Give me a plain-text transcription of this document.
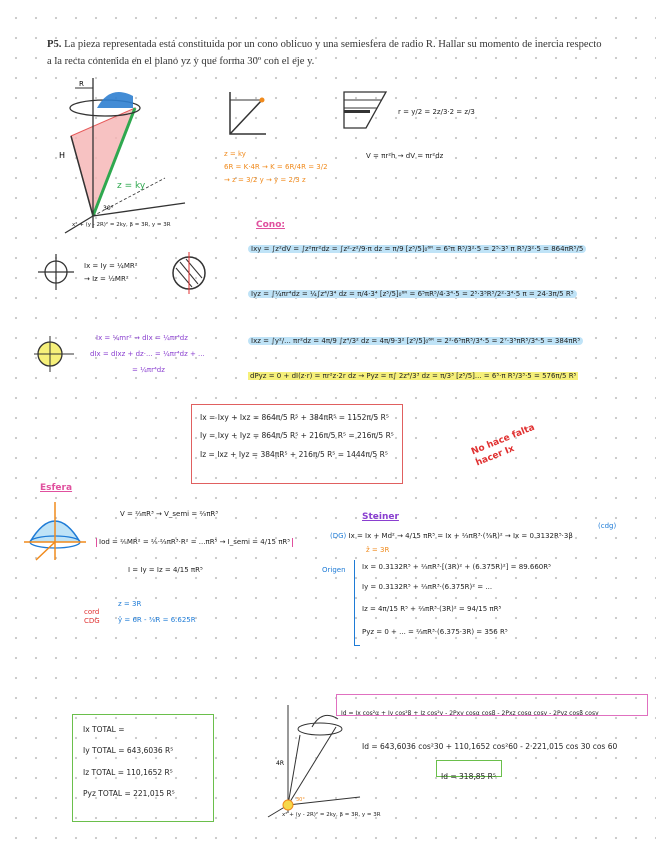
P5. La pieza representada está constituida por un cono oblicuo y una semiesfera de radio R. Hallar su momento de inercia respecto a la recta contenida en el plano yz y que forma 30º con el eje y.
H
R
z = ky
30°
x² + (y - 2R)² = 2ky, β = 3R, y = 3R
z = ky
6R = K·4R → K = 6R/4R = 3/2
→ z = 3/2 y → y = 2/3 z
r = y/2 = 2z/3·2 = z/3
V = πr²h → dV = πr²dz
Cono:
Ixy = ∫z²dV = ∫z²πr²dz = ∫z²·z²/9·π dz = π/9 [z⁵/5]₀⁶ᴿ = 6⁵π R⁵/3²·5 = 2⁵·3⁵ π R⁵/3²·5 = 864πR⁵/5
Iyz = ∫¼πr⁴dz = ¼∫z⁴/3⁴ dz = π/4·3⁴ [z⁵/5]₀⁶ᴿ = 6⁵πR⁵/4·3⁴·5 = 2⁵·3⁵R⁵/2²·3⁴·5 π = 24·3π/5 R⁵
Ixz = ∫y²/... πr²dz = 4π/9 ∫z⁴/3² dz = 4π/9·3² [z⁵/5]₀⁶ᴿ = 2²·6⁵πR⁵/3⁴·5 = 2⁷·3⁵πR⁵/3⁴·5 = 384πR⁵
dPyz = 0 + dI(z·r) = πr²z·2r dz → Pyz = π∫ 2z⁴/3³ dz = π/3³ [z⁵/5]... = 6⁵·π R⁵/3³·5 = 576π/5 R⁵
Ix = Iy = ¼MR²
→ Iz = ½MR²
Ix = ¼mr² → dIx = ¼πr⁴dz
dIx = dIxz + dz·... = ¼πr⁴dz + ...
= ¼πr⁴dz
Ix = Ixy + Ixz = 864π/5 R⁵ + 384πR⁵ = 1152π/5 R⁵
Iy = Ixy + Iyz = 864π/5 R⁵ + 216π/5 R⁵ = 216π/5 R⁵
Iz = Ixz + Iyz = 384πR⁵ + 216π/5 R⁵ = 1444π/5 R⁵	No hace falta hacer Ix
Esfera
V = ⅔πR³ → V_semi = ⅔πR³
Iod = ⅖MR² = ⅖·⅔πR³·R² = ...πR⁵ → I_semi = 4/15 πR⁵
I = Iy = Iz = 4/15 πR⁵
cord CDG
z = 3R
ŷ = 6R - ⅜R = 6.625R
Steiner
(cdg)
(DG) Ix = Īx + Md² → 4/15 πR⁵ = Īx + ⅔πR³·(⅜R)² → Īx = 0.3132R⁵·3β
ẑ = 3R
Origen Ix = 0.3132R⁵ + ⅔πR³·[(3R)² + (6.375R)²] = 89.660R⁵
Iy = 0.3132R⁵ + ⅔πR³·(6.375R)² = ...
Iz = 4π/15 R⁵ + ⅔πR³·(3R)² = 94/15 πR⁵
Pyz = 0 + ... = ⅔πR³·(6.375·3R) = 356 R⁵
Ix TOTAL =
Iy TOTAL = 643,6036 R⁵
Iz TOTAL = 110,1652 R⁵
Pyz TOTAL = 221,015 R⁵
4R
30°
x² + (y - 2R)² = 2ky, β = 3R, y = 3R
Id = Ix cos²α + Iy cos²β + Iz cos²γ - 2Pxy cosα cosβ - 2Pxz cosα cosγ - 2Pyz cosβ cosγ
Id = 643,6036 cos²30 + 110,1652 cos²60 - 2·221,015 cos 30 cos 60
Id = 318,85 R⁵
